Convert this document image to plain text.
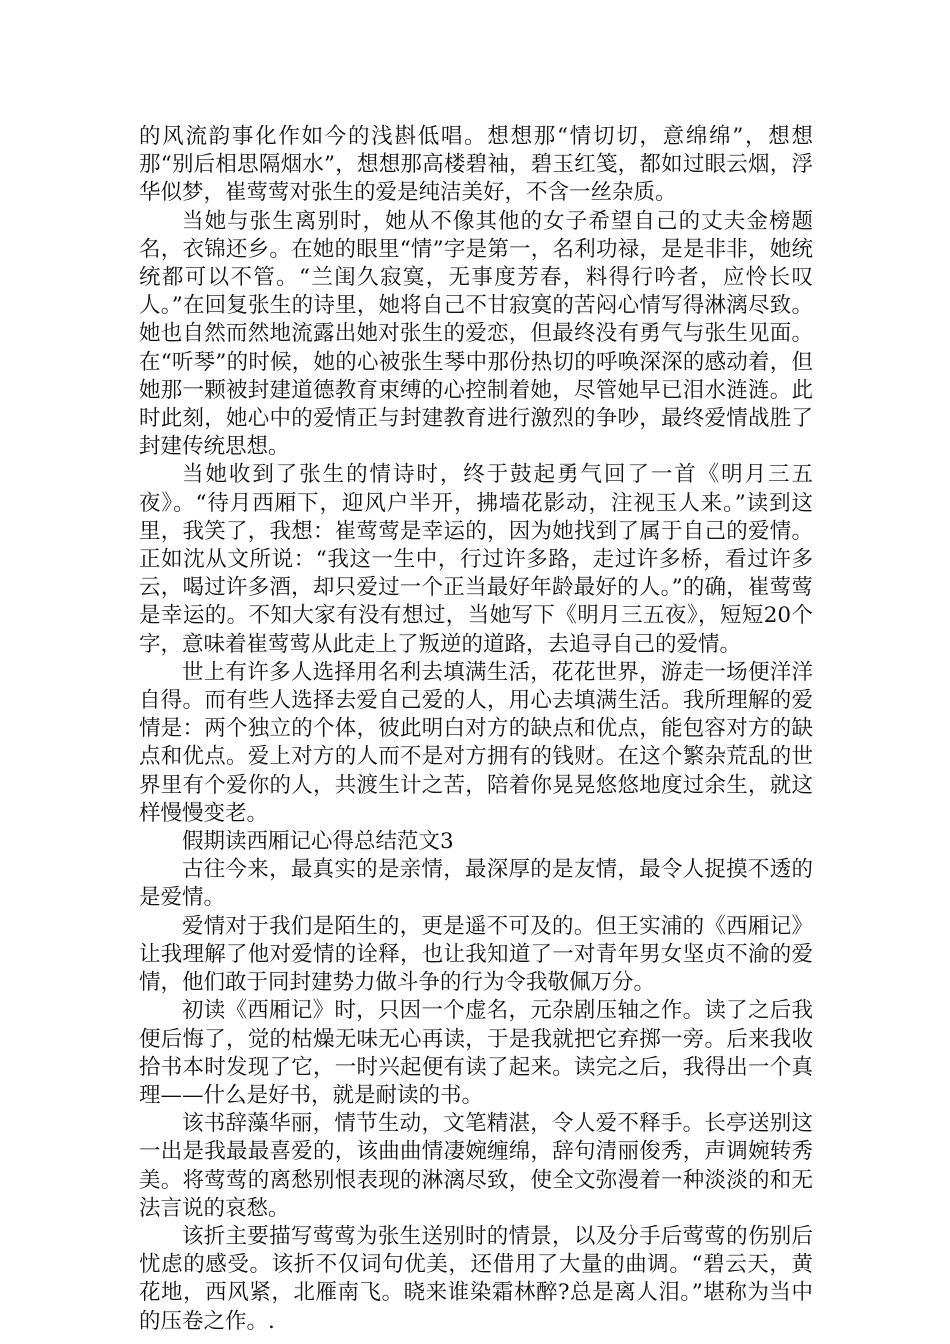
的风流韵事化作如今的浅斟低唱。想想那“情切切，意绵绵”，想想那“别后相思隔烟水”，想想那高楼碧袖，碧玉红笺，都如过眼云烟，浮华似梦，崔莺莺对张生的爱是纯洁美好，不含一丝杂质。

当她与张生离别时，她从不像其他的女子希望自己的丈夫金榜题名，衣锦还乡。在她的眼里“情”字是第一，名利功禄，是是非非，她统统都可以不管。“兰闺久寂寞，无事度芳春，料得行吟者，应怜长叹人。”在回复张生的诗里，她将自己不甘寂寞的苦闷心情写得淋漓尽致。她也自然而然地流露出她对张生的爱恋，但最终没有勇气与张生见面。在“听琴”的时候，她的心被张生琴中那份热切的呼唤深深的感动着，但她那一颗被封建道德教育束缚的心控制着她，尽管她早已泪水涟涟。此时此刻，她心中的爱情正与封建教育进行激烈的争吵，最终爱情战胜了封建传统思想。

当她收到了张生的情诗时，终于鼓起勇气回了一首《明月三五夜》。“待月西厢下，迎风户半开，拂墙花影动，注视玉人来。”读到这里，我笑了，我想：崔莺莺是幸运的，因为她找到了属于自己的爱情。正如沈从文所说：“我这一生中，行过许多路，走过许多桥，看过许多云，喝过许多酒，却只爱过一个正当最好年龄最好的人。”的确，崔莺莺是幸运的。不知大家有没有想过，当她写下《明月三五夜》，短短20个字，意味着崔莺莺从此走上了叛逆的道路，去追寻自己的爱情。

世上有许多人选择用名利去填满生活，花花世界，游走一场便洋洋自得。而有些人选择去爱自己爱的人，用心去填满生活。我所理解的爱情是：两个独立的个体，彼此明白对方的缺点和优点，能包容对方的缺点和优点。爱上对方的人而不是对方拥有的钱财。在这个繁杂荒乱的世界里有个爱你的人，共渡生计之苦，陪着你晃晃悠悠地度过余生，就这样慢慢变老。

假期读西厢记心得总结范文3

古往今来，最真实的是亲情，最深厚的是友情，最令人捉摸不透的是爱情。

爱情对于我们是陌生的，更是遥不可及的。但王实浦的《西厢记》让我理解了他对爱情的诠释，也让我知道了一对青年男女坚贞不渝的爱情，他们敢于同封建势力做斗争的行为令我敬佩万分。

初读《西厢记》时，只因一个虚名，元杂剧压轴之作。读了之后我便后悔了，觉的枯燥无味无心再读，于是我就把它弃掷一旁。后来我收拾书本时发现了它，一时兴起便有读了起来。读完之后，我得出一个真理——什么是好书，就是耐读的书。

该书辞藻华丽，情节生动，文笔精湛，令人爱不释手。长亭送别这一出是我最最喜爱的，该曲曲情凄婉缠绵，辞句清丽俊秀，声调婉转秀美。将莺莺的离愁别恨表现的淋漓尽致，使全文弥漫着一种淡淡的和无法言说的哀愁。

该折主要描写莺莺为张生送别时的情景，以及分手后莺莺的伤别后忧虑的感受。该折不仅词句优美，还借用了大量的曲调。“碧云天，黄花地，西风紧，北雁南飞。晓来谁染霜林醉?总是离人泪。”堪称为当中的压卷之作。.
